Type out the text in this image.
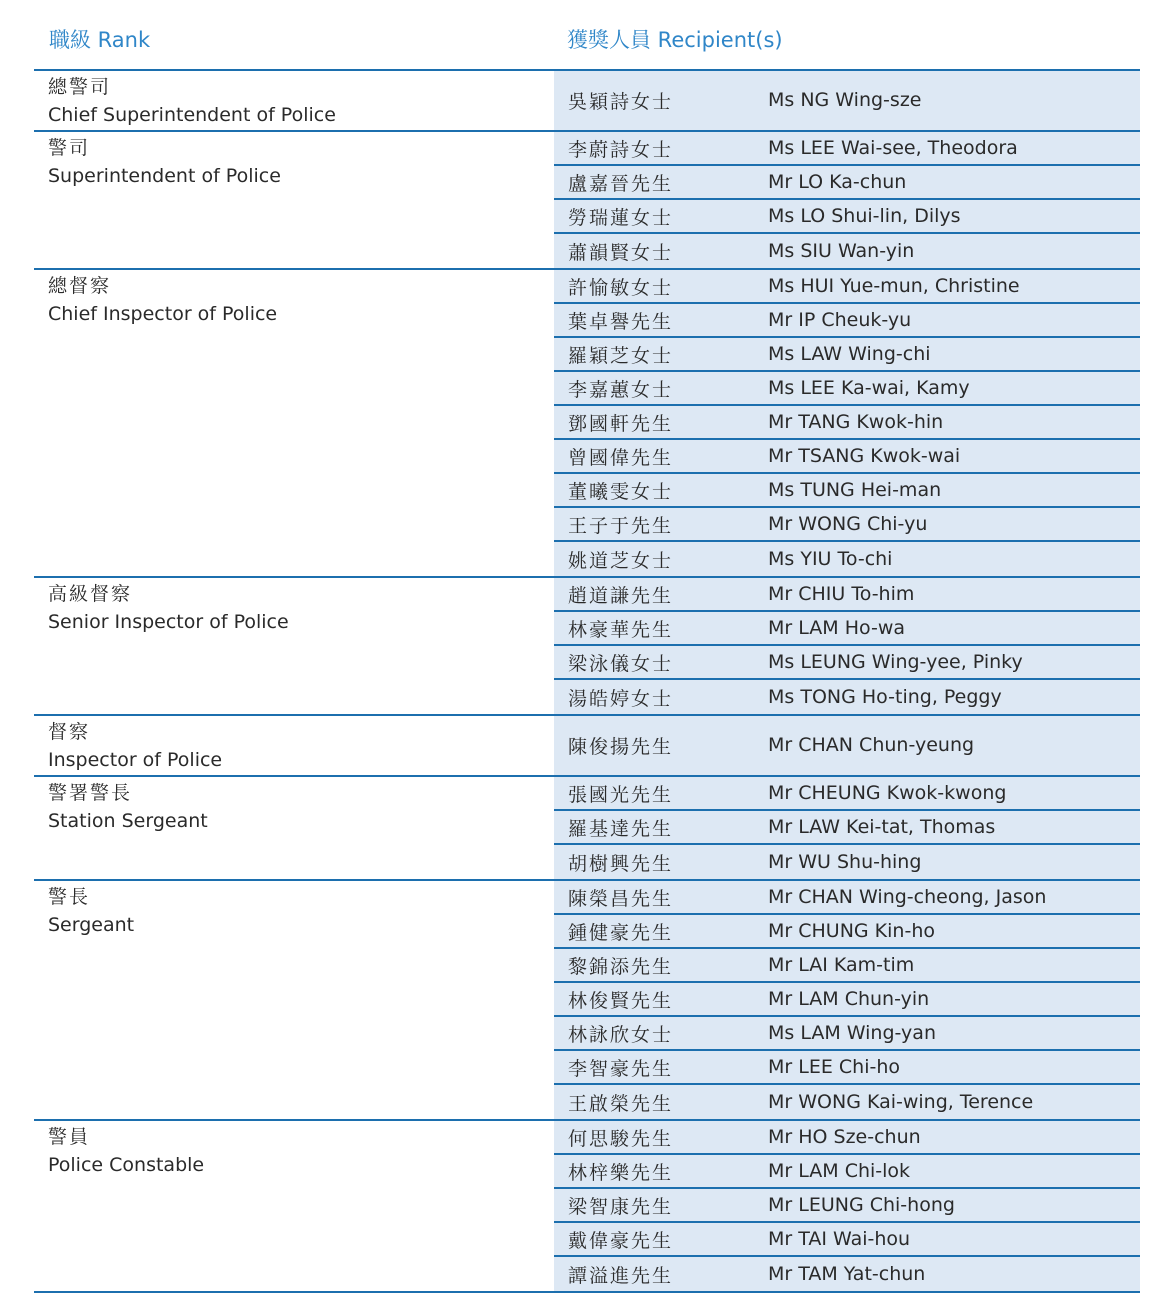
職級 Rank	獲獎人員 Recipient(s)
總警司
Chief Superintendent of Police
吳穎詩女士	Ms NG Wing-sze
警司
Superintendent of Police
李蔚詩女士	Ms LEE Wai-see, Theodora
盧嘉晉先生	Mr LO Ka-chun
勞瑞蓮女士	Ms LO Shui-lin, Dilys
蕭韻賢女士	Ms SIU Wan-yin
總督察
Chief Inspector of Police
許愉敏女士	Ms HUI Yue-mun, Christine
葉卓譽先生	Mr IP Cheuk-yu
羅穎芝女士	Ms LAW Wing-chi
李嘉蕙女士	Ms LEE Ka-wai, Kamy
鄧國軒先生	Mr TANG Kwok-hin
曾國偉先生	Mr TSANG Kwok-wai
董曦雯女士	Ms TUNG Hei-man
王子于先生	Mr WONG Chi-yu
姚道芝女士	Ms YIU To-chi
高級督察
Senior Inspector of Police
趙道謙先生	Mr CHIU To-him
林豪華先生	Mr LAM Ho-wa
梁泳儀女士	Ms LEUNG Wing-yee, Pinky
湯皓婷女士	Ms TONG Ho-ting, Peggy
督察
Inspector of Police
陳俊揚先生	Mr CHAN Chun-yeung
警署警長
Station Sergeant
張國光先生	Mr CHEUNG Kwok-kwong
羅基達先生	Mr LAW Kei-tat, Thomas
胡樹興先生	Mr WU Shu-hing
警長
Sergeant
陳榮昌先生	Mr CHAN Wing-cheong, Jason
鍾健豪先生	Mr CHUNG Kin-ho
黎錦添先生	Mr LAI Kam-tim
林俊賢先生	Mr LAM Chun-yin
林詠欣女士	Ms LAM Wing-yan
李智豪先生	Mr LEE Chi-ho
王啟榮先生	Mr WONG Kai-wing, Terence
警員
Police Constable
何思駿先生	Mr HO Sze-chun
林梓樂先生	Mr LAM Chi-lok
梁智康先生	Mr LEUNG Chi-hong
戴偉豪先生	Mr TAI Wai-hou
譚溢進先生	Mr TAM Yat-chun
